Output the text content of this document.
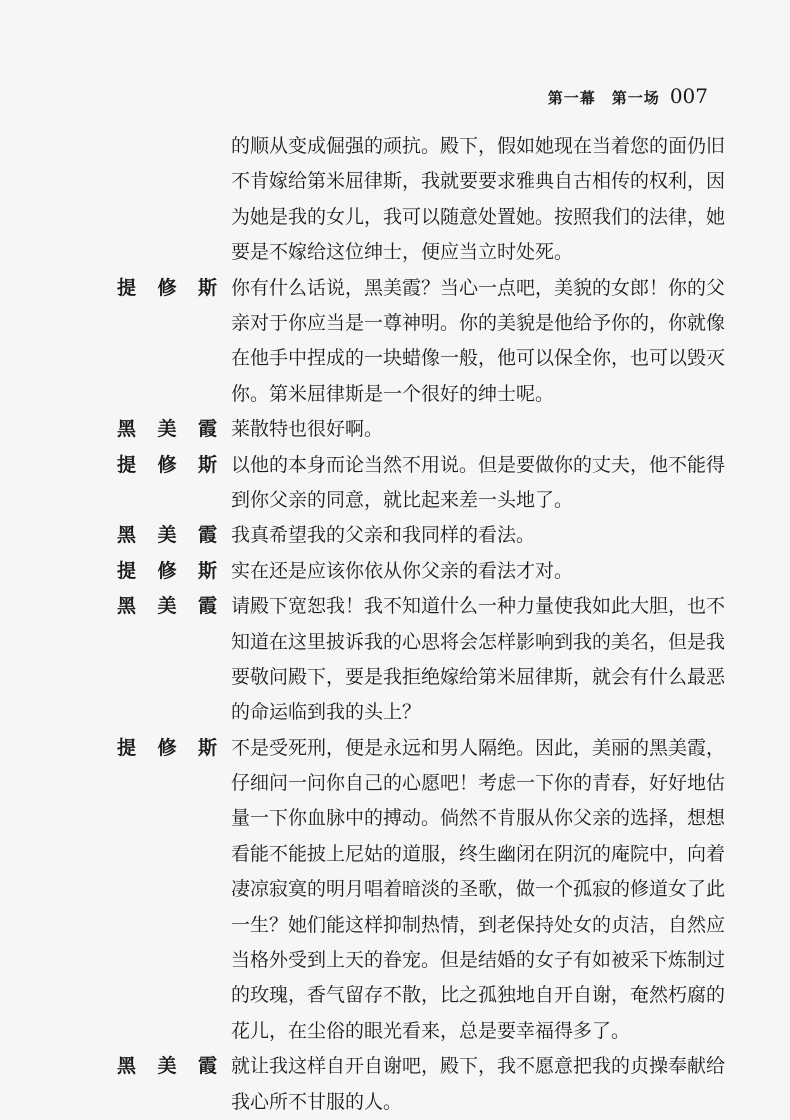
第一幕　第一场 007
的顺从变成倔强的顽抗。殿下，假如她现在当着您的面仍旧
不肯嫁给第米屈律斯，我就要要求雅典自古相传的权利，因
为她是我的女儿，我可以随意处置她。按照我们的法律，她
要是不嫁给这位绅士，便应当立时处死。
提 修 斯 你有什么话说，黑美霞？当心一点吧，美貌的女郎！你的父
亲对于你应当是一尊神明。你的美貌是他给予你的，你就像
在他手中捏成的一块蜡像一般，他可以保全你，也可以毁灭
你。第米屈律斯是一个很好的绅士呢。
黑 美 霞 莱散特也很好啊。
提 修 斯 以他的本身而论当然不用说。但是要做你的丈夫，他不能得
到你父亲的同意，就比起来差一头地了。
黑 美 霞 我真希望我的父亲和我同样的看法。
提 修 斯 实在还是应该你依从你父亲的看法才对。
黑 美 霞 请殿下宽恕我！我不知道什么一种力量使我如此大胆，也不
知道在这里披诉我的心思将会怎样影响到我的美名，但是我
要敬问殿下，要是我拒绝嫁给第米屈律斯，就会有什么最恶
的命运临到我的头上？
提 修 斯 不是受死刑，便是永远和男人隔绝。因此，美丽的黑美霞，
仔细问一问你自己的心愿吧！考虑一下你的青春，好好地估
量一下你血脉中的搏动。倘然不肯服从你父亲的选择，想想
看能不能披上尼姑的道服，终生幽闭在阴沉的庵院中，向着
凄凉寂寞的明月唱着暗淡的圣歌，做一个孤寂的修道女了此
一生？她们能这样抑制热情，到老保持处女的贞洁，自然应
当格外受到上天的眷宠。但是结婚的女子有如被采下炼制过
的玫瑰，香气留存不散，比之孤独地自开自谢，奄然朽腐的
花儿，在尘俗的眼光看来，总是要幸福得多了。
黑 美 霞 就让我这样自开自谢吧，殿下，我不愿意把我的贞操奉献给
我心所不甘服的人。
